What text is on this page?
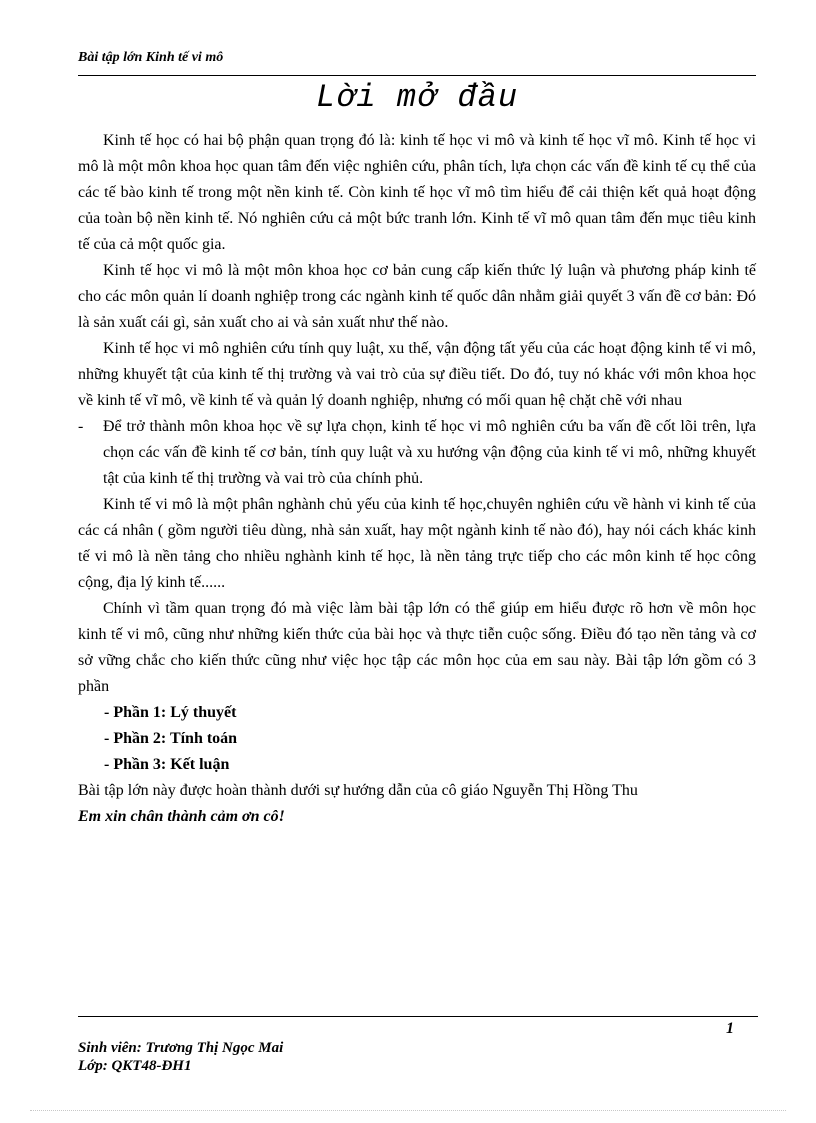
Bài tập lớn Kinh tế vi mô
Lời mở đầu

Kinh tế học có hai bộ phận quan trọng đó là: kinh tế học vi mô và kinh tế học vĩ mô. Kinh tế học vi mô là một môn khoa học quan tâm đến việc nghiên cứu, phân tích, lựa chọn các vấn đề kinh tế cụ thể của các tế bào kinh tế trong một nền kinh tế. Còn kinh tế học vĩ mô tìm hiểu để cải thiện kết quả hoạt động của toàn bộ nền kinh tế. Nó nghiên cứu cả một bức tranh lớn. Kinh tế vĩ mô quan tâm đến mục tiêu kinh tế của cả một quốc gia.

Kinh tế học vi mô là một môn khoa học cơ bản cung cấp kiến thức lý luận và phương pháp kinh tế cho các môn quản lí doanh nghiệp trong các ngành kinh tế quốc dân nhằm giải quyết 3 vấn đề cơ bản: Đó là sản xuất cái gì, sản xuất cho ai và sản xuất như thế nào.

Kinh tế học vi mô nghiên cứu tính quy luật, xu thế, vận động tất yếu của các hoạt động kinh tế vi mô, những khuyết tật của kinh tế thị trường và vai trò của sự điều tiết. Do đó, tuy nó khác với môn khoa học về kinh tế vĩ mô, về kinh tế và quản lý doanh nghiệp, nhưng có mối quan hệ chặt chẽ với nhau

- Để trở thành môn khoa học về sự lựa chọn, kinh tế học vi mô nghiên cứu ba vấn đề cốt lõi trên, lựa chọn các vấn đề kinh tế cơ bản, tính quy luật và xu hướng vận động của kinh tế vi mô, những khuyết tật của kinh tế thị trường và vai trò của chính phủ.

Kinh tế vi mô là một phân nghành chủ yếu của kinh tế học,chuyên nghiên cứu về hành vi kinh tế của các cá nhân ( gồm người tiêu dùng, nhà sản xuất, hay một ngành kinh tế nào đó), hay nói cách khác kinh tế vi mô là nền tảng cho nhiều nghành kinh tế học, là nền tảng trực tiếp cho các môn kinh tế học công cộng, địa lý kinh tế......

Chính vì tầm quan trọng đó mà việc làm bài tập lớn có thể giúp em hiểu được rõ hơn về môn học kinh tế vi mô, cũng như những kiến thức của bài học và thực tiễn cuộc sống. Điều đó tạo nền tảng và cơ sở vững chắc cho kiến thức cũng như việc học tập các môn học của em sau này. Bài tập lớn gồm có 3 phần

- Phần 1: Lý thuyết

- Phần 2: Tính toán

- Phần 3: Kết luận

Bài tập lớn này được hoàn thành dưới sự hướng dẫn của cô giáo Nguyễn Thị Hồng Thu

Em xin chân thành cảm ơn cô!

1
Sinh viên: Trương Thị Ngọc Mai
Lớp: QKT48-ĐH1
